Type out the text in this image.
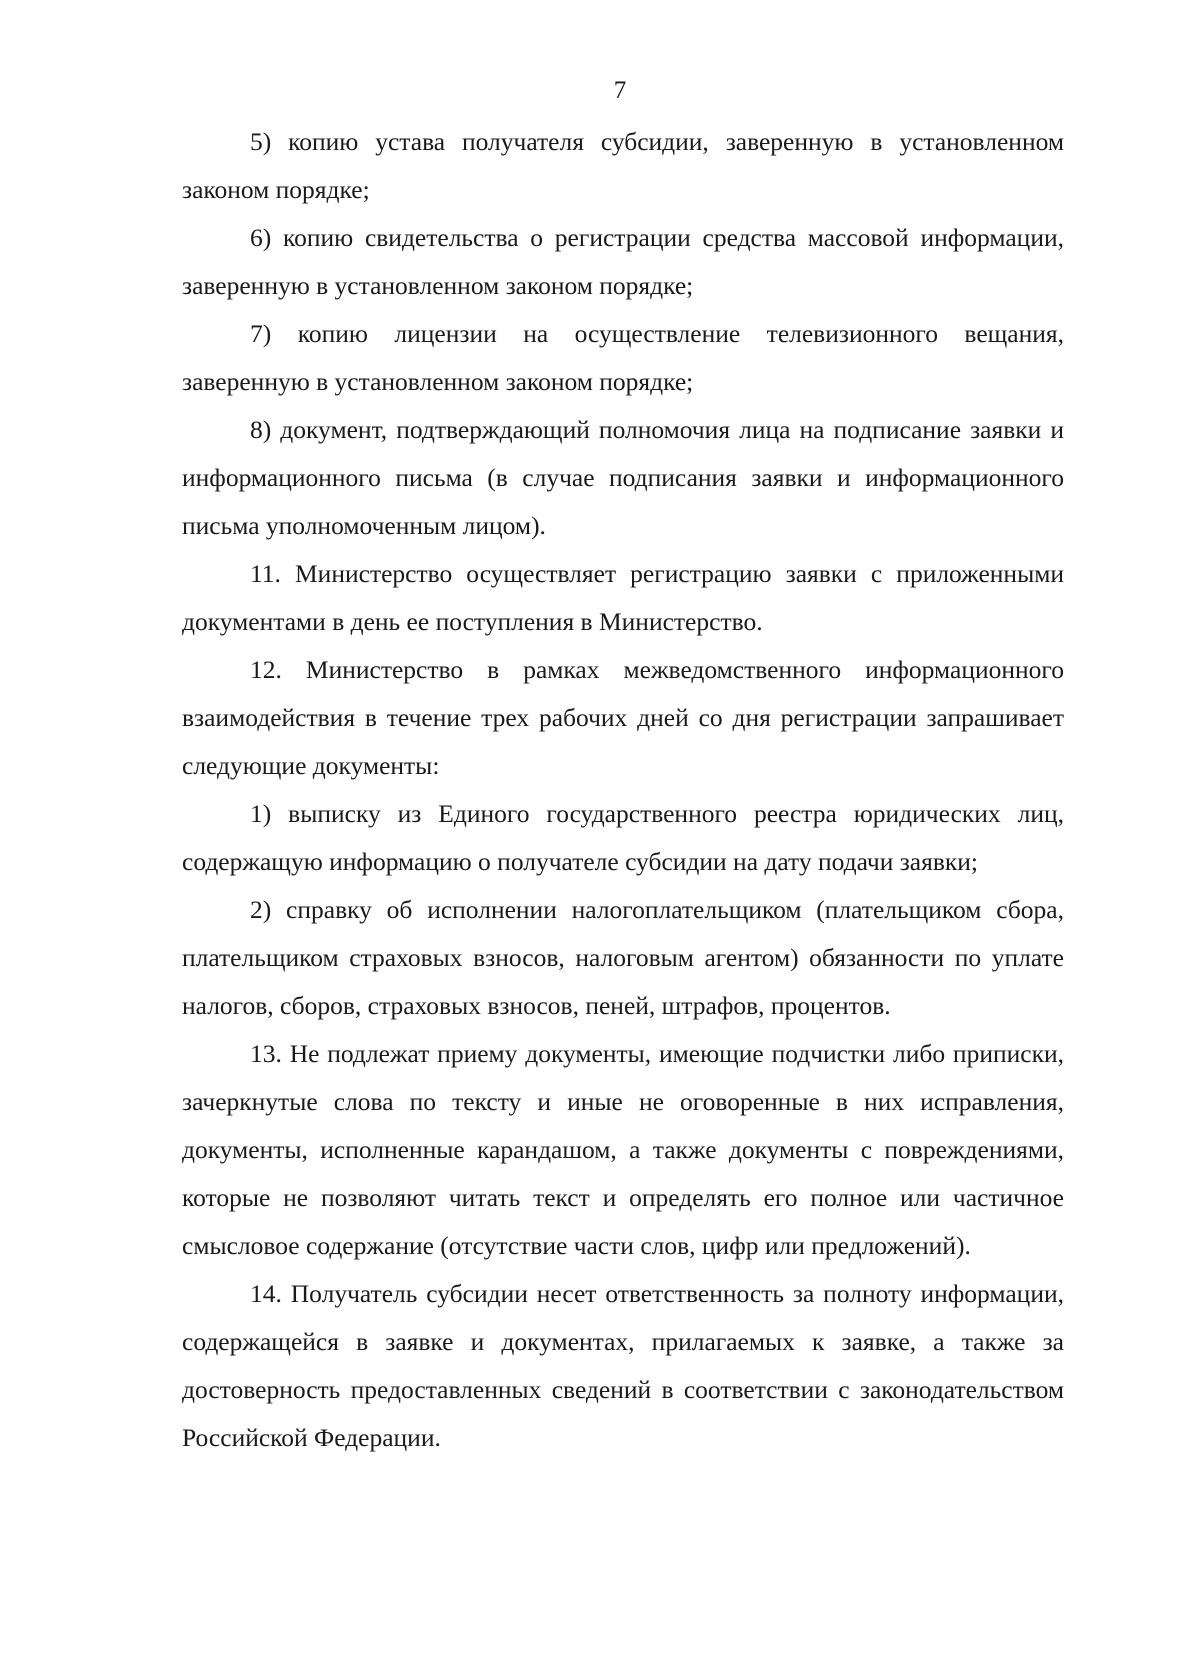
7

5) копию устава получателя субсидии, заверенную в установленном законом порядке;

6) копию свидетельства о регистрации средства массовой информации, заверенную в установленном законом порядке;

7) копию лицензии на осуществление телевизионного вещания, заверенную в установленном законом порядке;

8) документ, подтверждающий полномочия лица на подписание заявки и информационного письма (в случае подписания заявки и информационного письма уполномоченным лицом).

11. Министерство осуществляет регистрацию заявки с приложенными документами в день ее поступления в Министерство.

12. Министерство в рамках межведомственного информационного взаимодействия в течение трех рабочих дней со дня регистрации запрашивает следующие документы:

1) выписку из Единого государственного реестра юридических лиц, содержащую информацию о получателе субсидии на дату подачи заявки;

2) справку об исполнении налогоплательщиком (плательщиком сбора, плательщиком страховых взносов, налоговым агентом) обязанности по уплате налогов, сборов, страховых взносов, пеней, штрафов, процентов.

13. Не подлежат приему документы, имеющие подчистки либо приписки, зачеркнутые слова по тексту и иные не оговоренные в них исправления, документы, исполненные карандашом, а также документы с повреждениями, которые не позволяют читать текст и определять его полное или частичное смысловое содержание (отсутствие части слов, цифр или предложений).

14. Получатель субсидии несет ответственность за полноту информации, содержащейся в заявке и документах, прилагаемых к заявке, а также за достоверность предоставленных сведений в соответствии с законодательством Российской Федерации.
